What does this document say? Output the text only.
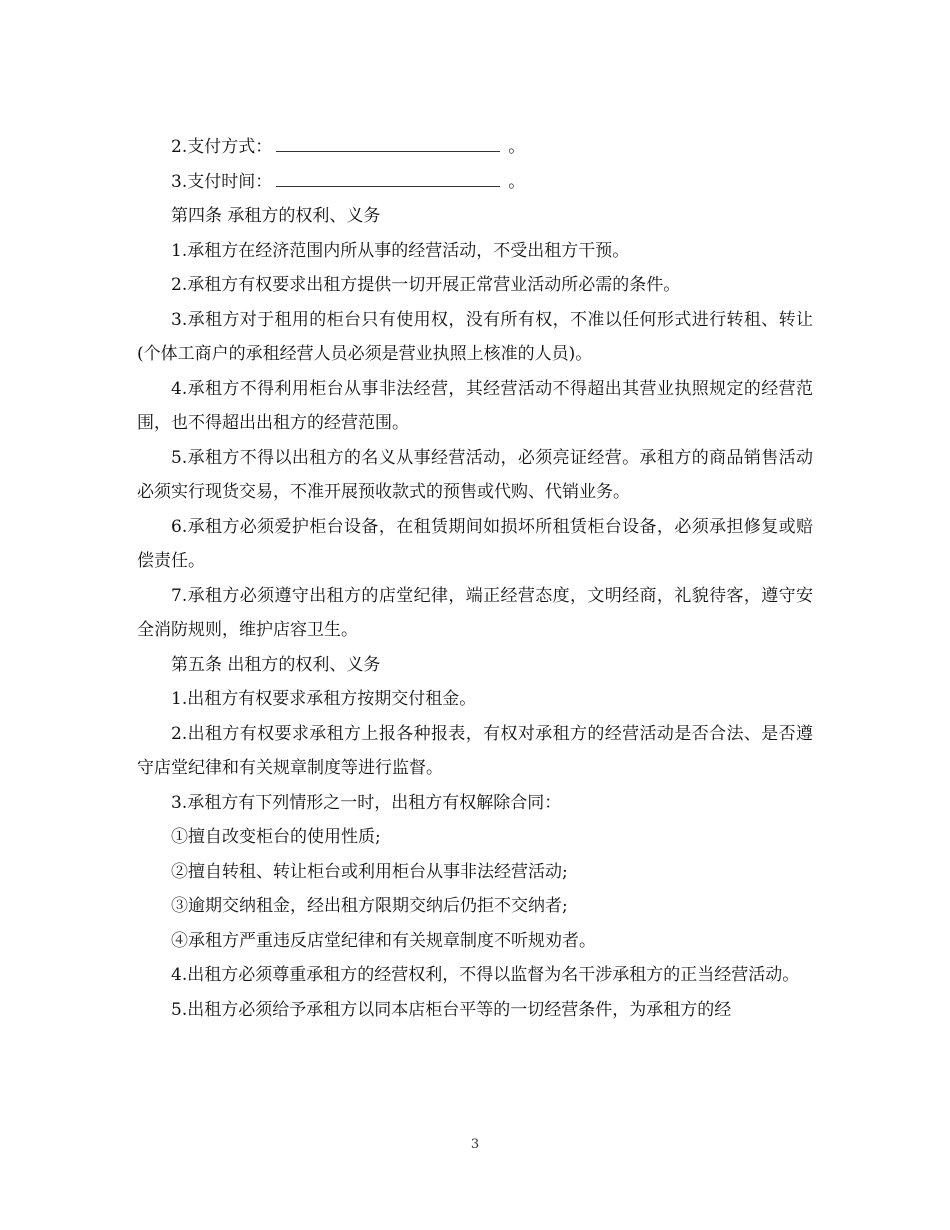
2.支付方式：	。

3.支付时间：	。

第四条 承租方的权利、义务

1.承租方在经济范围内所从事的经营活动，不受出租方干预。

2.承租方有权要求出租方提供一切开展正常营业活动所必需的条件。

3.承租方对于租用的柜台只有使用权，没有所有权，不准以任何形式进行转租、转让(个体工商户的承租经营人员必须是营业执照上核准的人员)。

4.承租方不得利用柜台从事非法经营，其经营活动不得超出其营业执照规定的经营范围，也不得超出出租方的经营范围。

5.承租方不得以出租方的名义从事经营活动，必须亮证经营。承租方的商品销售活动必须实行现货交易，不准开展预收款式的预售或代购、代销业务。

6.承租方必须爱护柜台设备，在租赁期间如损坏所租赁柜台设备，必须承担修复或赔偿责任。

7.承租方必须遵守出租方的店堂纪律，端正经营态度，文明经商，礼貌待客，遵守安全消防规则，维护店容卫生。

第五条 出租方的权利、义务

1.出租方有权要求承租方按期交付租金。

2.出租方有权要求承租方上报各种报表，有权对承租方的经营活动是否合法、是否遵守店堂纪律和有关规章制度等进行监督。

3.承租方有下列情形之一时，出租方有权解除合同：

①擅自改变柜台的使用性质;

②擅自转租、转让柜台或利用柜台从事非法经营活动;

③逾期交纳租金，经出租方限期交纳后仍拒不交纳者;

④承租方严重违反店堂纪律和有关规章制度不听规劝者。

4.出租方必须尊重承租方的经营权利，不得以监督为名干涉承租方的正当经营活动。

5.出租方必须给予承租方以同本店柜台平等的一切经营条件，为承租方的经

3
